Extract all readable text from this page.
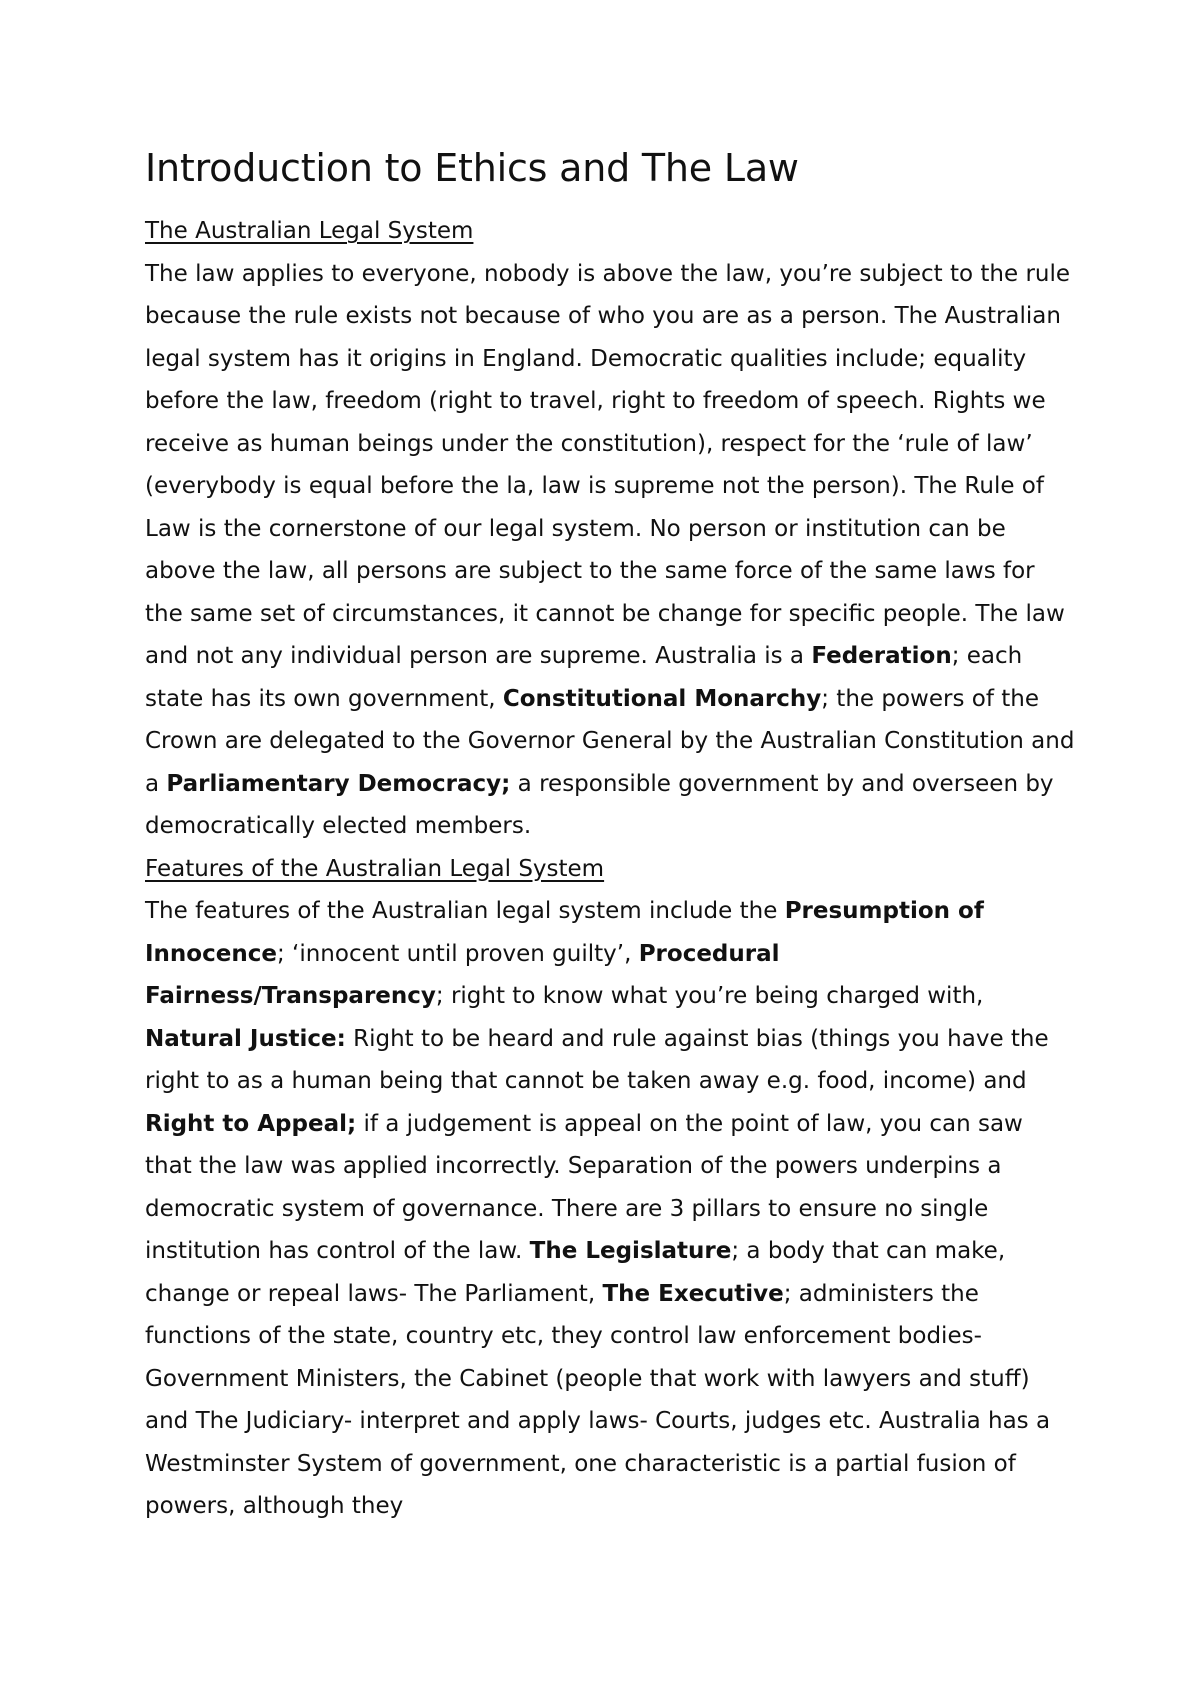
Introduction to Ethics and The Law
The Australian Legal System

The law applies to everyone, nobody is above the law, you’re subject to the rule because the rule exists not because of who you are as a person. The Australian legal system has it origins in England. Democratic qualities include; equality before the law, freedom (right to travel, right to freedom of speech. Rights we receive as human beings under the constitution), respect for the ‘rule of law’ (everybody is equal before the la, law is supreme not the person). The Rule of Law is the cornerstone of our legal system. No person or institution can be above the law, all persons are subject to the same force of the same laws for the same set of circumstances, it cannot be change for specific people. The law and not any individual person are supreme. Australia is a Federation; each state has its own government, Constitutional Monarchy; the powers of the Crown are delegated to the Governor General by the Australian Constitution and a Parliamentary Democracy; a responsible government by and overseen by democratically elected members.

Features of the Australian Legal System

The features of the Australian legal system include the Presumption of Innocence; ‘innocent until proven guilty’, Procedural Fairness/Transparency; right to know what you’re being charged with, Natural Justice: Right to be heard and rule against bias (things you have the right to as a human being that cannot be taken away e.g. food, income) and Right to Appeal; if a judgement is appeal on the point of law, you can saw that the law was applied incorrectly. Separation of the powers underpins a democratic system of governance. There are 3 pillars to ensure no single institution has control of the law. The Legislature; a body that can make, change or repeal laws- The Parliament, The Executive; administers the functions of the state, country etc, they control law enforcement bodies- Government Ministers, the Cabinet (people that work with lawyers and stuff) and The Judiciary- interpret and apply laws- Courts, judges etc. Australia has a Westminster System of government, one characteristic is a partial fusion of powers, although they
